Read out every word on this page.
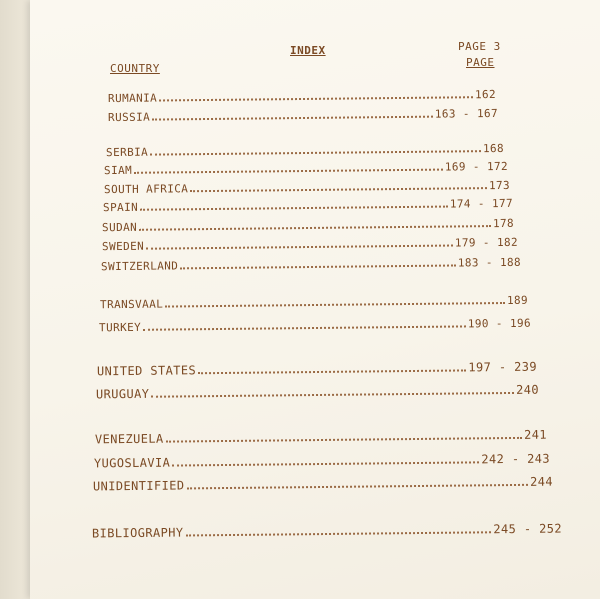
INDEX	PAGE 3
COUNTRY	PAGE
RUMANIA	162
RUSSIA	163 - 167
SERBIA	168
SIAM	169 - 172
SOUTH AFRICA	173
SPAIN	174 - 177
SUDAN	178
SWEDEN	179 - 182
SWITZERLAND	183 - 188
TRANSVAAL	189
TURKEY	190 - 196
UNITED STATES	197 - 239
URUGUAY	240
VENEZUELA	241
YUGOSLAVIA	242 - 243
UNIDENTIFIED	244
BIBLIOGRAPHY	245 - 252
